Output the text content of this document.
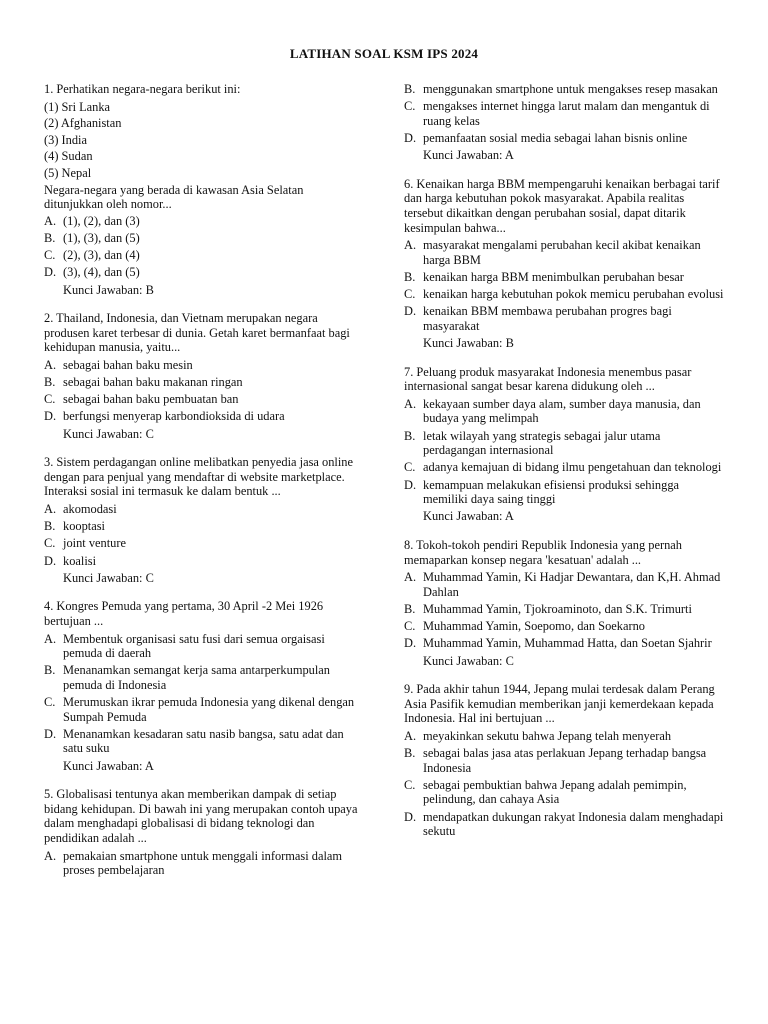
LATIHAN SOAL KSM IPS 2024
1. Perhatikan negara-negara berikut ini:
(1) Sri Lanka
(2) Afghanistan
(3) India
(4) Sudan
(5) Nepal
Negara-negara yang berada di kawasan Asia Selatan ditunjukkan oleh nomor...
A. (1), (2), dan (3)
B. (1), (3), dan (5)
C. (2), (3), dan (4)
D. (3), (4), dan (5)
Kunci Jawaban: B
2. Thailand, Indonesia, dan Vietnam merupakan negara produsen karet terbesar di dunia. Getah karet bermanfaat bagi kehidupan manusia, yaitu...
A. sebagai bahan baku mesin
B. sebagai bahan baku makanan ringan
C. sebagai bahan baku pembuatan ban
D. berfungsi menyerap karbondioksida di udara
Kunci Jawaban: C
3. Sistem perdagangan online melibatkan penyedia jasa online dengan para penjual yang mendaftar di website marketplace. Interaksi sosial ini termasuk ke dalam bentuk ...
A. akomodasi
B. kooptasi
C. joint venture
D. koalisi
Kunci Jawaban: C
4. Kongres Pemuda yang pertama, 30 April -2 Mei 1926 bertujuan ...
A. Membentuk organisasi satu fusi dari semua orgaisasi pemuda di daerah
B. Menanamkan semangat kerja sama antarperkumpulan pemuda di Indonesia
C. Merumuskan ikrar pemuda Indonesia yang dikenal dengan Sumpah Pemuda
D. Menanamkan kesadaran satu nasib bangsa, satu adat dan satu suku
Kunci Jawaban: A
5. Globalisasi tentunya akan memberikan dampak di setiap bidang kehidupan. Di bawah ini yang merupakan contoh upaya dalam menghadapi globalisasi di bidang teknologi dan pendidikan adalah ...
A. pemakaian smartphone untuk menggali informasi dalam proses pembelajaran
B. menggunakan smartphone untuk mengakses resep masakan
C. mengakses internet hingga larut malam dan mengantuk di ruang kelas
D. pemanfaatan sosial media sebagai lahan bisnis online
Kunci Jawaban: A
6. Kenaikan harga BBM mempengaruhi kenaikan berbagai tarif dan harga kebutuhan pokok masyarakat. Apabila realitas tersebut dikaitkan dengan perubahan sosial, dapat ditarik kesimpulan bahwa...
A. masyarakat mengalami perubahan kecil akibat kenaikan harga BBM
B. kenaikan harga BBM menimbulkan perubahan besar
C. kenaikan harga kebutuhan pokok memicu perubahan evolusi
D. kenaikan BBM membawa perubahan progres bagi masyarakat
Kunci Jawaban: B
7. Peluang produk masyarakat Indonesia menembus pasar internasional sangat besar karena didukung oleh ...
A. kekayaan sumber daya alam, sumber daya manusia, dan budaya yang melimpah
B. letak wilayah yang strategis sebagai jalur utama perdagangan internasional
C. adanya kemajuan di bidang ilmu pengetahuan dan teknologi
D. kemampuan melakukan efisiensi produksi sehingga memiliki daya saing tinggi
Kunci Jawaban: A
8. Tokoh-tokoh pendiri Republik Indonesia yang pernah memaparkan konsep negara 'kesatuan' adalah ...
A. Muhammad Yamin, Ki Hadjar Dewantara, dan K,H. Ahmad Dahlan
B. Muhammad Yamin, Tjokroaminoto, dan S.K. Trimurti
C. Muhammad Yamin, Soepomo, dan Soekarno
D. Muhammad Yamin, Muhammad Hatta, dan Soetan Sjahrir
Kunci Jawaban: C
9. Pada akhir tahun 1944, Jepang mulai terdesak dalam Perang Asia Pasifik kemudian memberikan janji kemerdekaan kepada Indonesia. Hal ini bertujuan ...
A. meyakinkan sekutu bahwa Jepang telah menyerah
B. sebagai balas jasa atas perlakuan Jepang terhadap bangsa Indonesia
C. sebagai pembuktian bahwa Jepang adalah pemimpin, pelindung, dan cahaya Asia
D. mendapatkan dukungan rakyat Indonesia dalam menghadapi sekutu
